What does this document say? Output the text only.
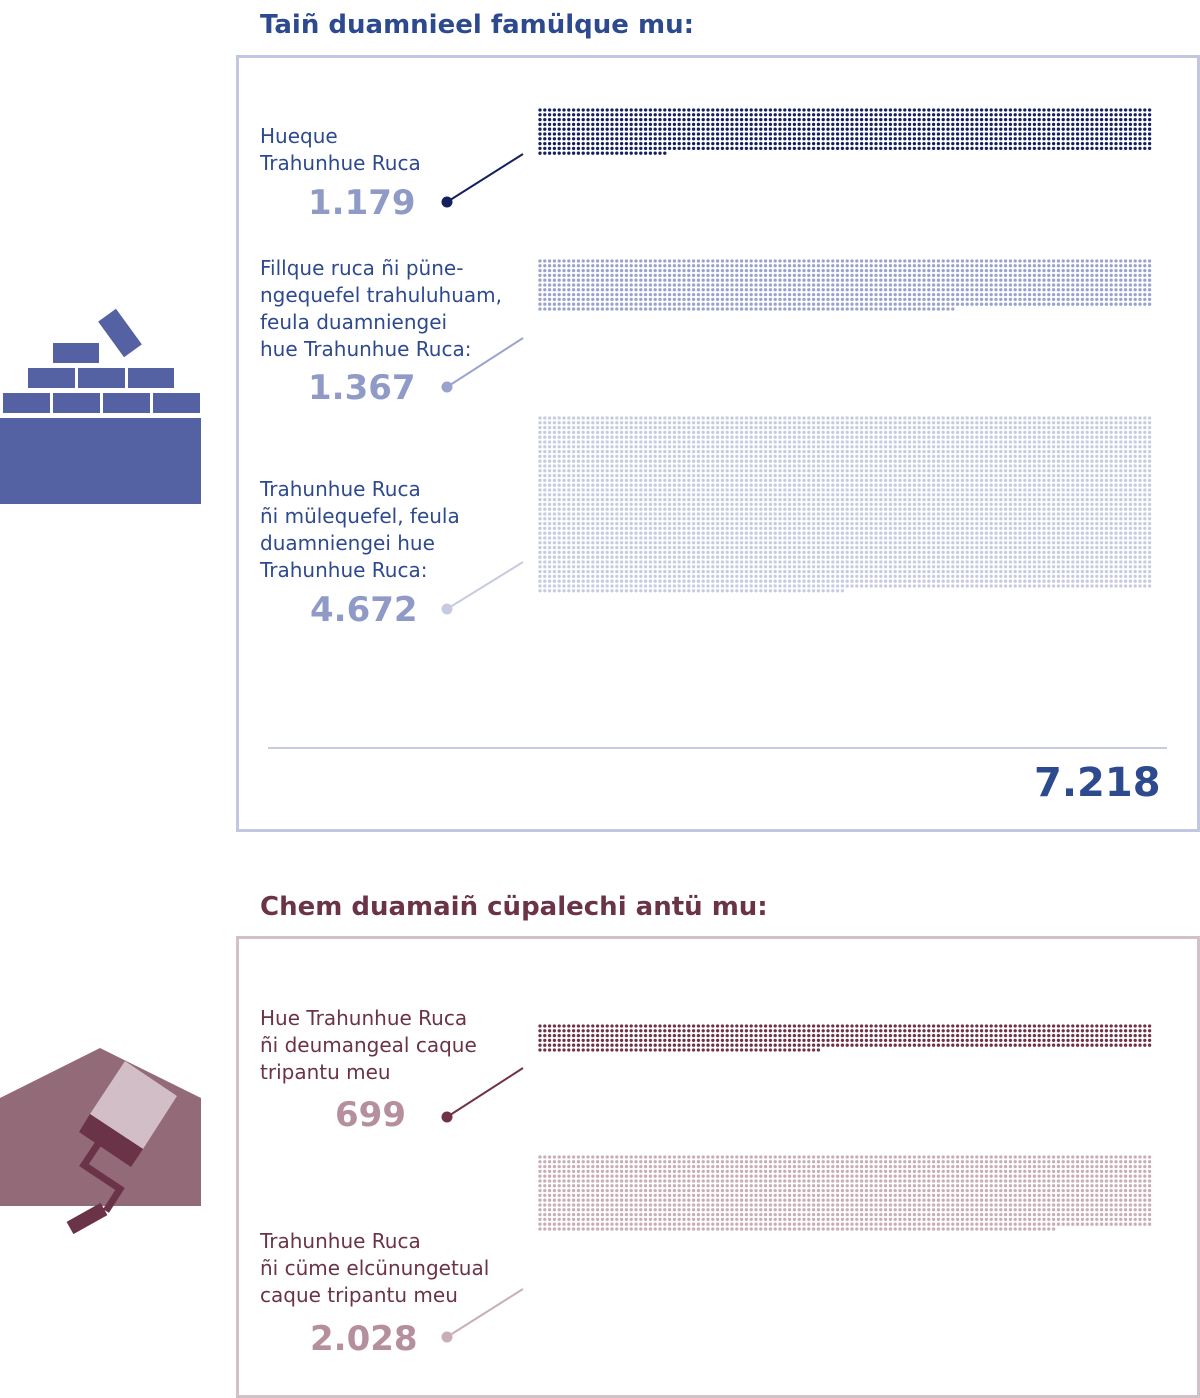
Taiñ duamnieel famülque mu:
Hueque
Trahunhue Ruca
1.179
Fillque ruca ñi püne-
ngequefel trahuluhuam,
feula duamniengei
hue Trahunhue Ruca:
1.367
Trahunhue Ruca
ñi mülequefel, feula
duamniengei hue
Trahunhue Ruca:
4.672
7.218
Chem duamaiñ cüpalechi antü mu:
Hue Trahunhue Ruca
ñi deumangeal caque
tripantu meu
699
Trahunhue Ruca
ñi cüme elcünungetual
caque tripantu meu
2.028
